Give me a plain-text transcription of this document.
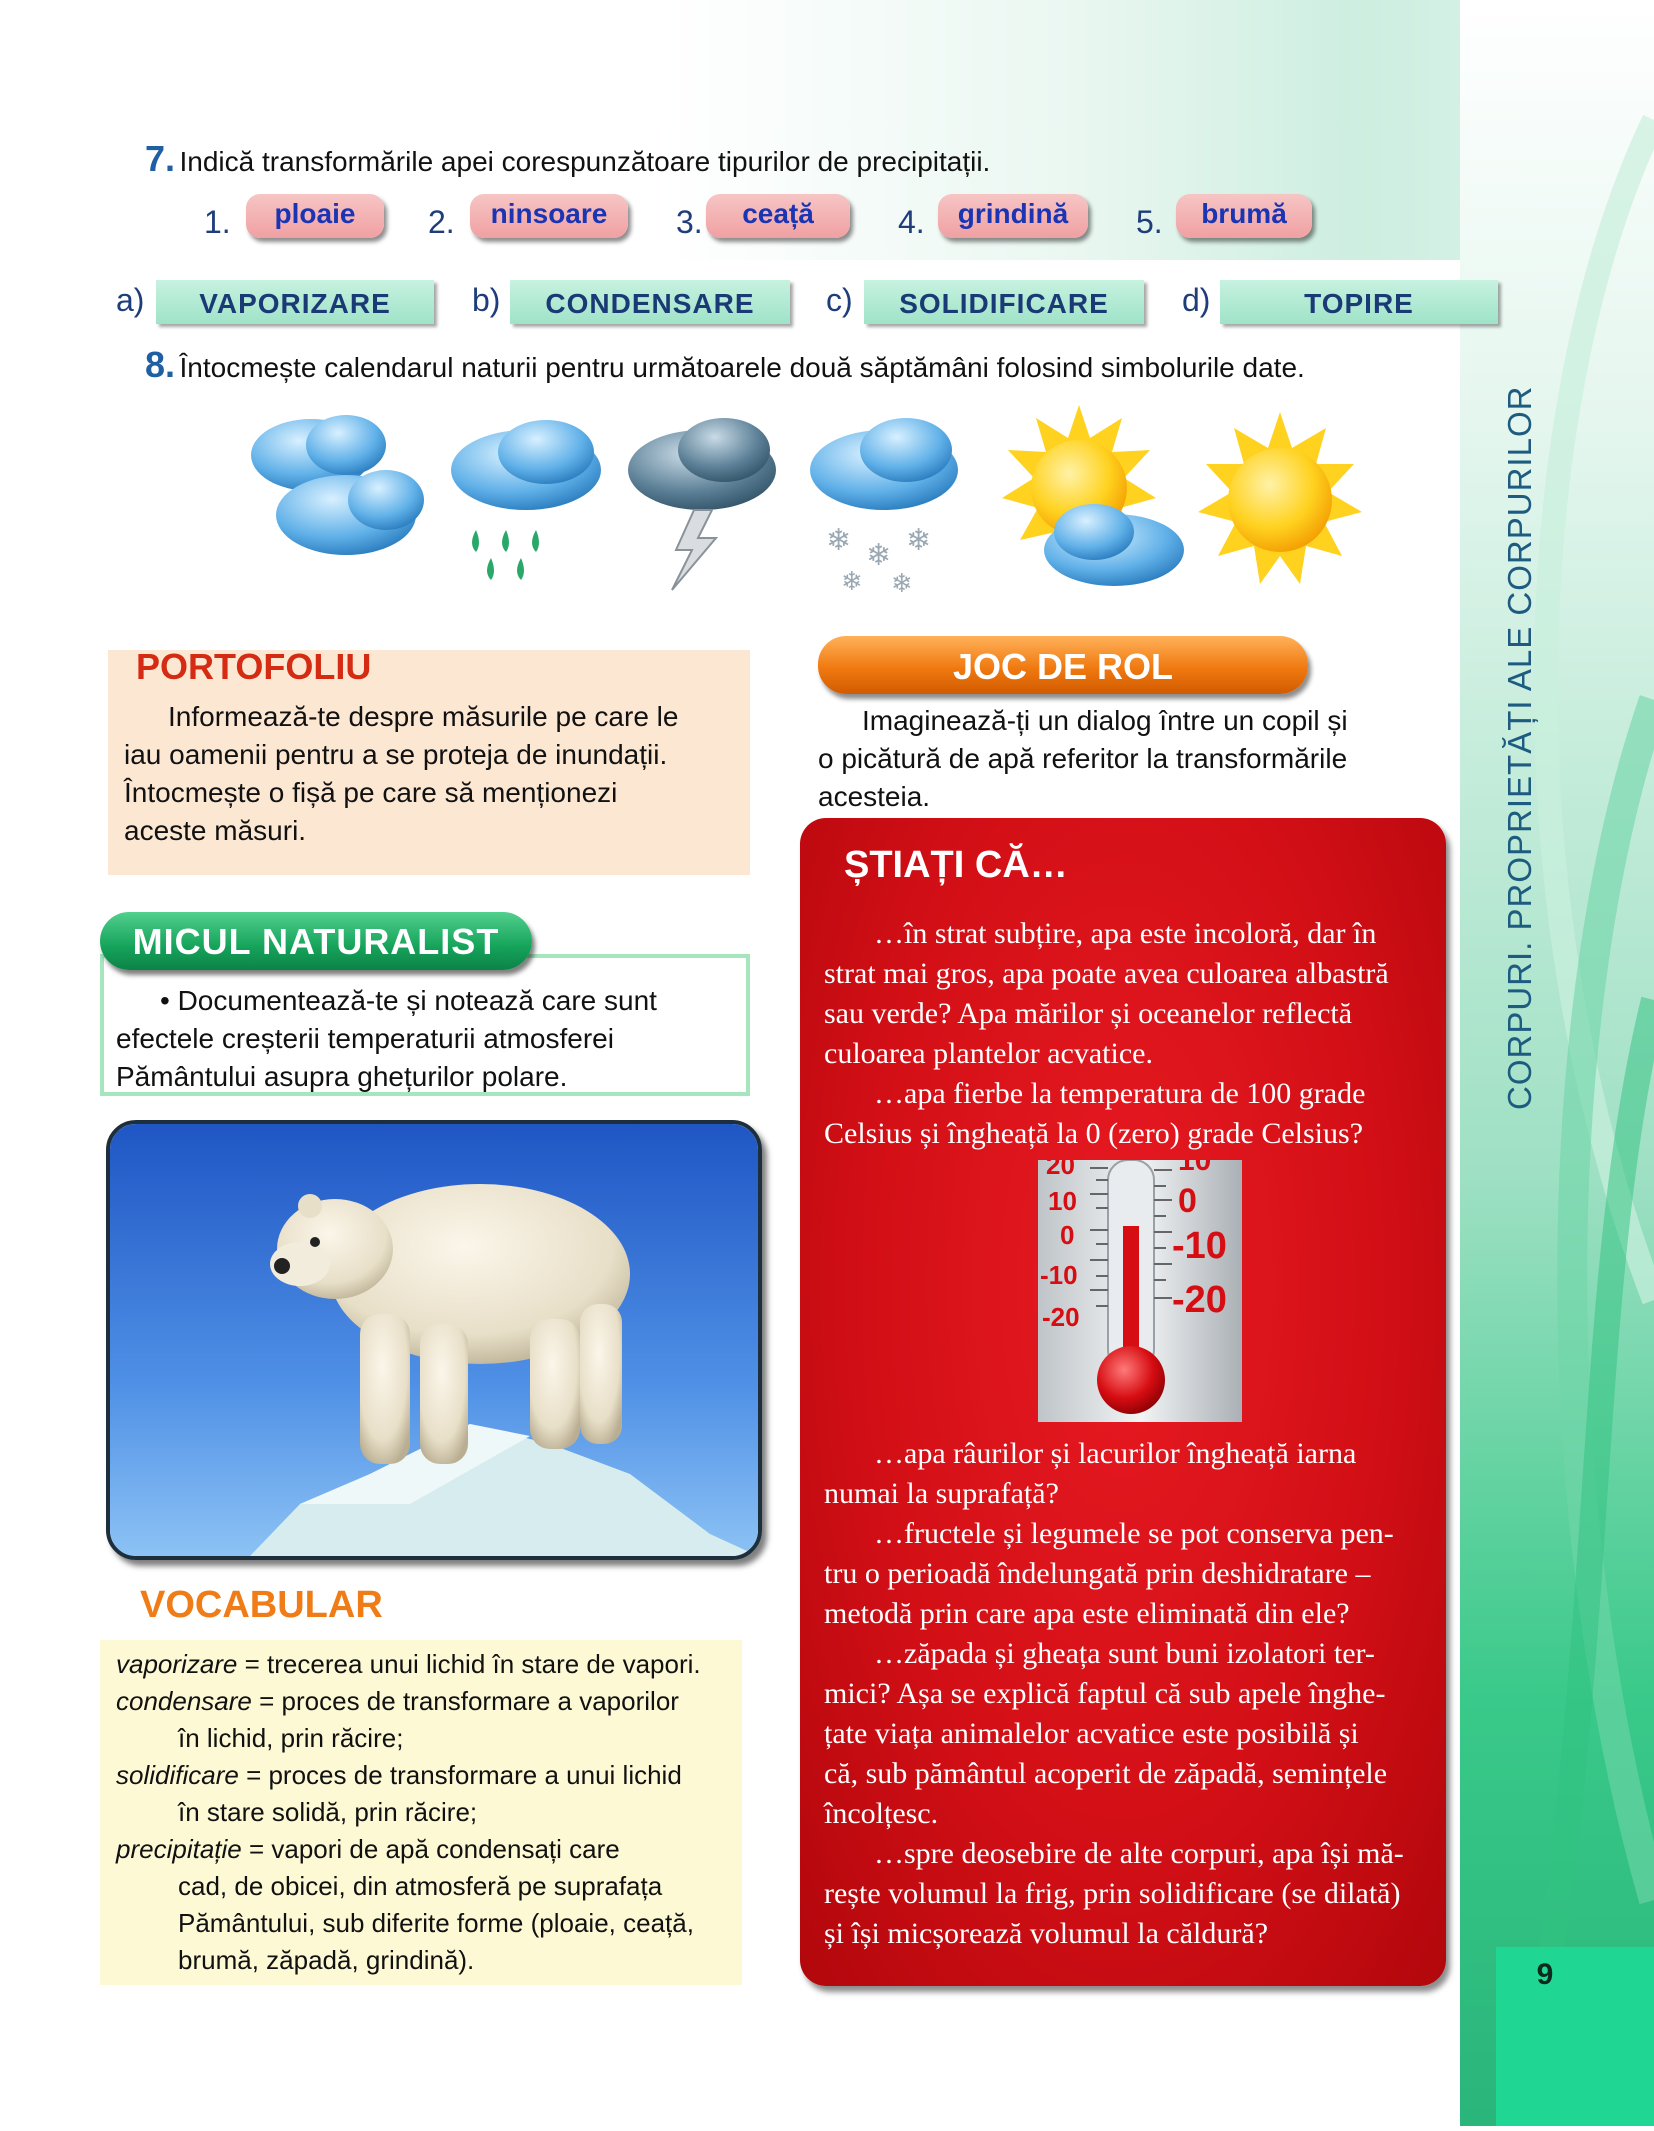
9
CORPURI. PROPRIETĂȚI ALE CORPURILOR
7. Indică transformările apei corespunzătoare tipurilor de precipitații.
1.	ploaie	2.	ninsoare	3.	ceață	4.	grindină	5.	brumă
a)	VAPORIZARE	b)	CONDENSARE	c)	SOLIDIFICARE	d)	TOPIRE
8. Întocmește calendarul naturii pentru următoarele două săptămâni folosind simbolurile date.
❄ ❄ ❄
❄ ❄
PORTOFOLIU
Informează-te despre măsurile pe care le
iau oamenii pentru a se proteja de inundații.
Întocmește o fișă pe care să menționezi
aceste măsuri.
JOC DE ROL
Imaginează-ți un dialog între un copil și
o picătură de apă referitor la transformările
acesteia.
• Documentează-te și notează care sunt
efectele creșterii temperaturii atmosferei
Pământului asupra ghețurilor polare.
MICUL NATURALIST
VOCABULAR
vaporizare = trecerea unui lichid în stare de vapori.
condensare = proces de transformare a vaporilor
în lichid, prin răcire;
solidificare = proces de transformare a unui lichid
în stare solidă, prin răcire;
precipitație = vapori de apă condensați care
cad, de obicei, din atmosferă pe suprafața
Pământului, sub diferite forme (ploaie, ceață,
brumă, zăpadă, grindină).
ȘTIAȚI CĂ…
…în strat subțire, apa este incoloră, dar în
strat mai gros, apa poate avea culoarea albastră
sau verde? Apa mărilor și oceanelor reflectă
culoarea plantelor acvatice.
…apa fierbe la temperatura de 100 grade
Celsius și îngheață la 0 (zero) grade Celsius?
20
10
0
-10
-20
10
0
-10
-20
…apa râurilor și lacurilor îngheață iarna
numai la suprafață?
…fructele și legumele se pot conserva pen-
tru o perioadă îndelungată prin deshidratare –
metodă prin care apa este eliminată din ele?
…zăpada și gheața sunt buni izolatori ter-
mici? Așa se explică faptul că sub apele înghe-
țate viața animalelor acvatice este posibilă și
că, sub pământul acoperit de zăpadă, semințele
încolțesc.
…spre deosebire de alte corpuri, apa își mă-
rește volumul la frig, prin solidificare (se dilată)
și își micșorează volumul la căldură?
